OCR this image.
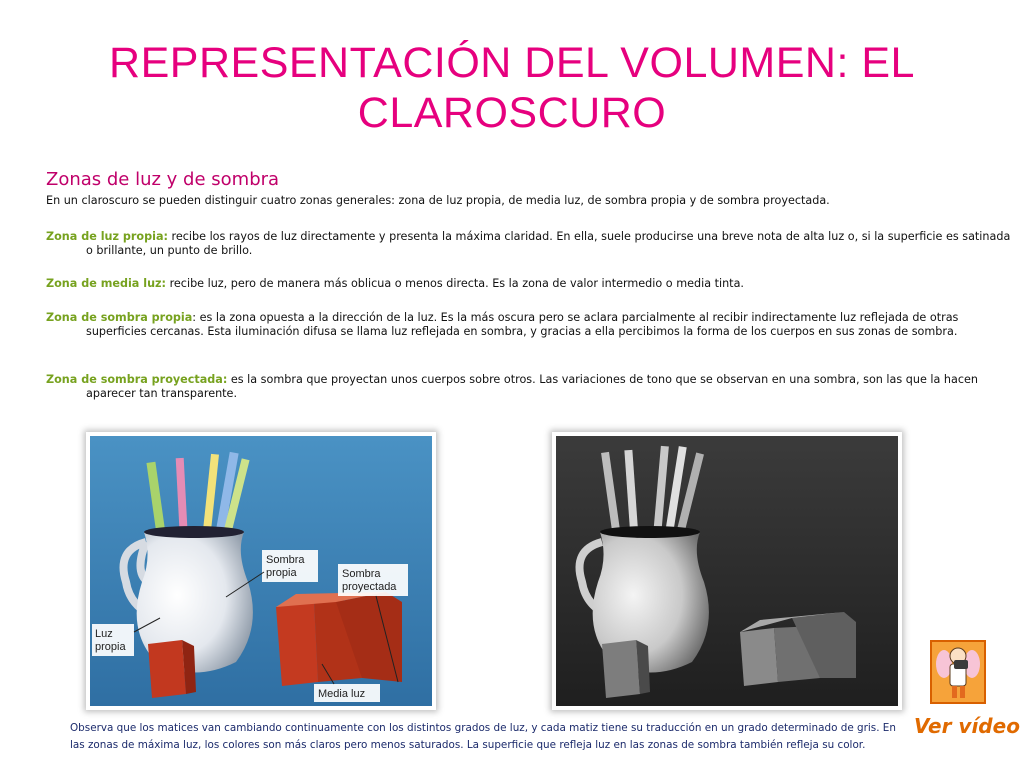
REPRESENTACIÓN DEL VOLUMEN: EL
CLAROSCURO
Zonas de luz y de sombra
En un claroscuro se pueden distinguir cuatro zonas generales: zona de luz propia, de media luz, de sombra propia y de sombra proyectada.
Zona de luz propia: recibe los rayos de luz directamente y presenta la máxima claridad. En ella, suele producirse una breve nota de alta luz o, si la superficie es satinada o brillante, un punto de brillo.
Zona de media luz: recibe luz, pero de manera más oblicua o menos directa. Es la zona de valor intermedio o media tinta.
Zona de sombra propia: es la zona opuesta a la dirección de la luz. Es la más oscura pero se aclara parcialmente al recibir indirectamente luz reflejada de otras superficies cercanas. Esta iluminación difusa se llama luz reflejada en sombra, y gracias a ella percibimos la forma de los cuerpos en sus zonas de sombra.
Zona de sombra proyectada: es la sombra que proyectan unos cuerpos sobre otros. Las variaciones de tono que se observan en una sombra, son las que la hacen aparecer tan transparente.
Sombra
propia	Sombra
proyectada
Luz
propia
Media luz
Observa que los matices van cambiando continuamente con los distintos grados de luz, y cada matiz tiene su traducción en un grado determinado de gris. En las zonas de máxima luz, los colores son más claros pero menos saturados. La superficie que refleja luz en las zonas de sombra también refleja su color.
Ver vídeo
